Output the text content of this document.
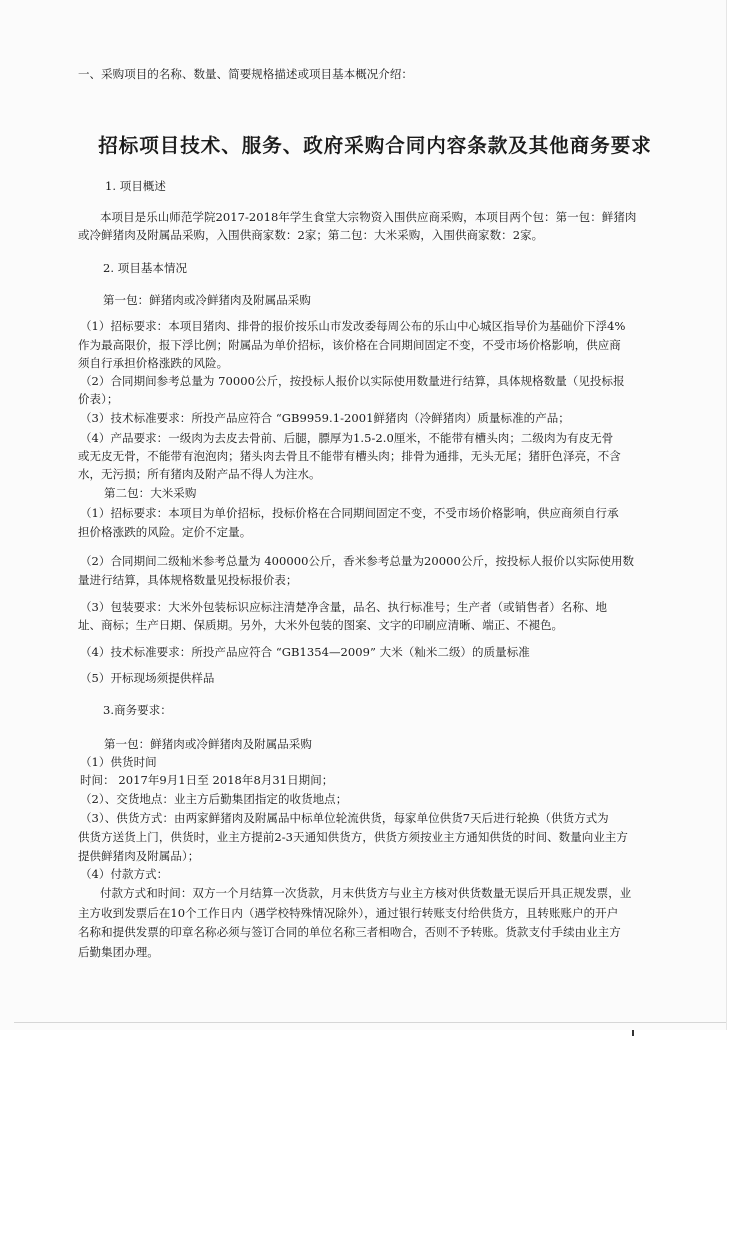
一、采购项目的名称、数量、简要规格描述或项目基本概况介绍：

招标项目技术、服务、政府采购合同内容条款及其他商务要求

1. 项目概述

本项目是乐山师范学院2017-2018年学生食堂大宗物资入围供应商采购，本项目两个包：第一包：鲜猪肉

或冷鲜猪肉及附属品采购，入围供商家数：2家；第二包：大米采购，入围供商家数：2家。

2. 项目基本情况

第一包：鲜猪肉或冷鲜猪肉及附属品采购

（1）招标要求：本项目猪肉、排骨的报价按乐山市发改委每周公布的乐山中心城区指导价为基础价下浮4%

作为最高限价，报下浮比例；附属品为单价招标，该价格在合同期间固定不变，不受市场价格影响，供应商

须自行承担价格涨跌的风险。

（2）合同期间参考总量为 70000公斤，按投标人报价以实际使用数量进行结算，具体规格数量（见投标报

价表）；

（3）技术标准要求：所投产品应符合 “GB9959.1-2001鲜猪肉（冷鲜猪肉）质量标准的产品；

（4）产品要求：一级肉为去皮去骨前、后腿，膘厚为1.5-2.0厘米，不能带有槽头肉；二级肉为有皮无骨

或无皮无骨，不能带有泡泡肉；猪头肉去骨且不能带有槽头肉；排骨为通排，无头无尾；猪肝色泽亮，不含

水，无污损；所有猪肉及附产品不得人为注水。

第二包：大米采购

（1）招标要求：本项目为单价招标，投标价格在合同期间固定不变，不受市场价格影响，供应商须自行承

担价格涨跌的风险。定价不定量。

（2）合同期间二级籼米参考总量为 400000公斤，香米参考总量为20000公斤，按投标人报价以实际使用数

量进行结算，具体规格数量见投标报价表；

（3）包装要求：大米外包装标识应标注清楚净含量，品名、执行标准号；生产者（或销售者）名称、地

址、商标；生产日期、保质期。另外，大米外包装的图案、文字的印刷应清晰、端正、不褪色。

（4）技术标准要求：所投产品应符合 “GB1354—2009” 大米（籼米二级）的质量标准

（5）开标现场须提供样品

3.商务要求：

第一包：鲜猪肉或冷鲜猪肉及附属品采购

（1）供货时间

时间： 2017年9月1日至 2018年8月31日期间；

（2）、交货地点：业主方后勤集团指定的收货地点；

（3）、供货方式：由两家鲜猪肉及附属品中标单位轮流供货，每家单位供货7天后进行轮换（供货方式为

供货方送货上门，供货时，业主方提前2-3天通知供货方，供货方须按业主方通知供货的时间、数量向业主方

提供鲜猪肉及附属品）；

（4）付款方式：

付款方式和时间：双方一个月结算一次货款，月末供货方与业主方核对供货数量无误后开具正规发票，业

主方收到发票后在10个工作日内（遇学校特殊情况除外），通过银行转账支付给供货方，且转账账户的开户

名称和提供发票的印章名称必须与签订合同的单位名称三者相吻合，否则不予转账。货款支付手续由业主方

后勤集团办理。
